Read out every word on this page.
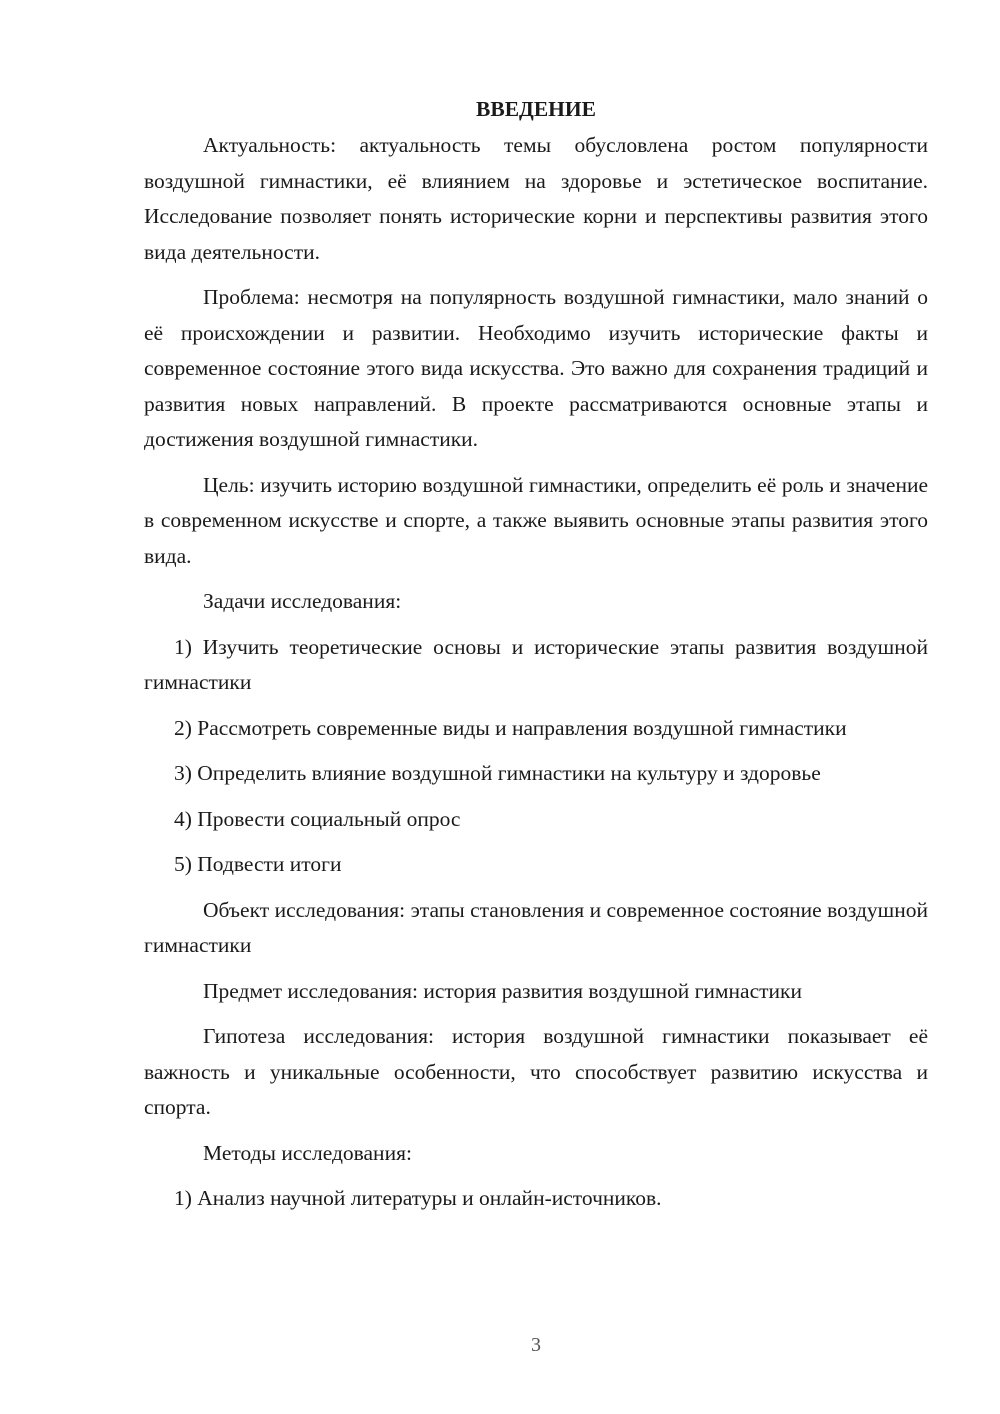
ВВЕДЕНИЕ

Актуальность: актуальность темы обусловлена ростом популярности воздушной гимнастики, её влиянием на здоровье и эстетическое воспитание. Исследование позволяет понять исторические корни и перспективы развития этого вида деятельности.

Проблема: несмотря на популярность воздушной гимнастики, мало знаний о её происхождении и развитии. Необходимо изучить исторические факты и современное состояние этого вида искусства. Это важно для сохранения традиций и развития новых направлений. В проекте рассматриваются основные этапы и достижения воздушной гимнастики.

Цель: изучить историю воздушной гимнастики, определить её роль и значение в современном искусстве и спорте, а также выявить основные этапы развития этого вида.

Задачи исследования:

1) Изучить теоретические основы и исторические этапы развития воздушной гимнастики

2) Рассмотреть современные виды и направления воздушной гимнастики

3) Определить влияние воздушной гимнастики на культуру и здоровье

4) Провести социальный опрос

5) Подвести итоги

Объект исследования: этапы становления и современное состояние воздушной гимнастики

Предмет исследования: история развития воздушной гимнастики

Гипотеза исследования: история воздушной гимнастики показывает её важность и уникальные особенности, что способствует развитию искусства и спорта.

Методы исследования:

1) Анализ научной литературы и онлайн-источников.

3
